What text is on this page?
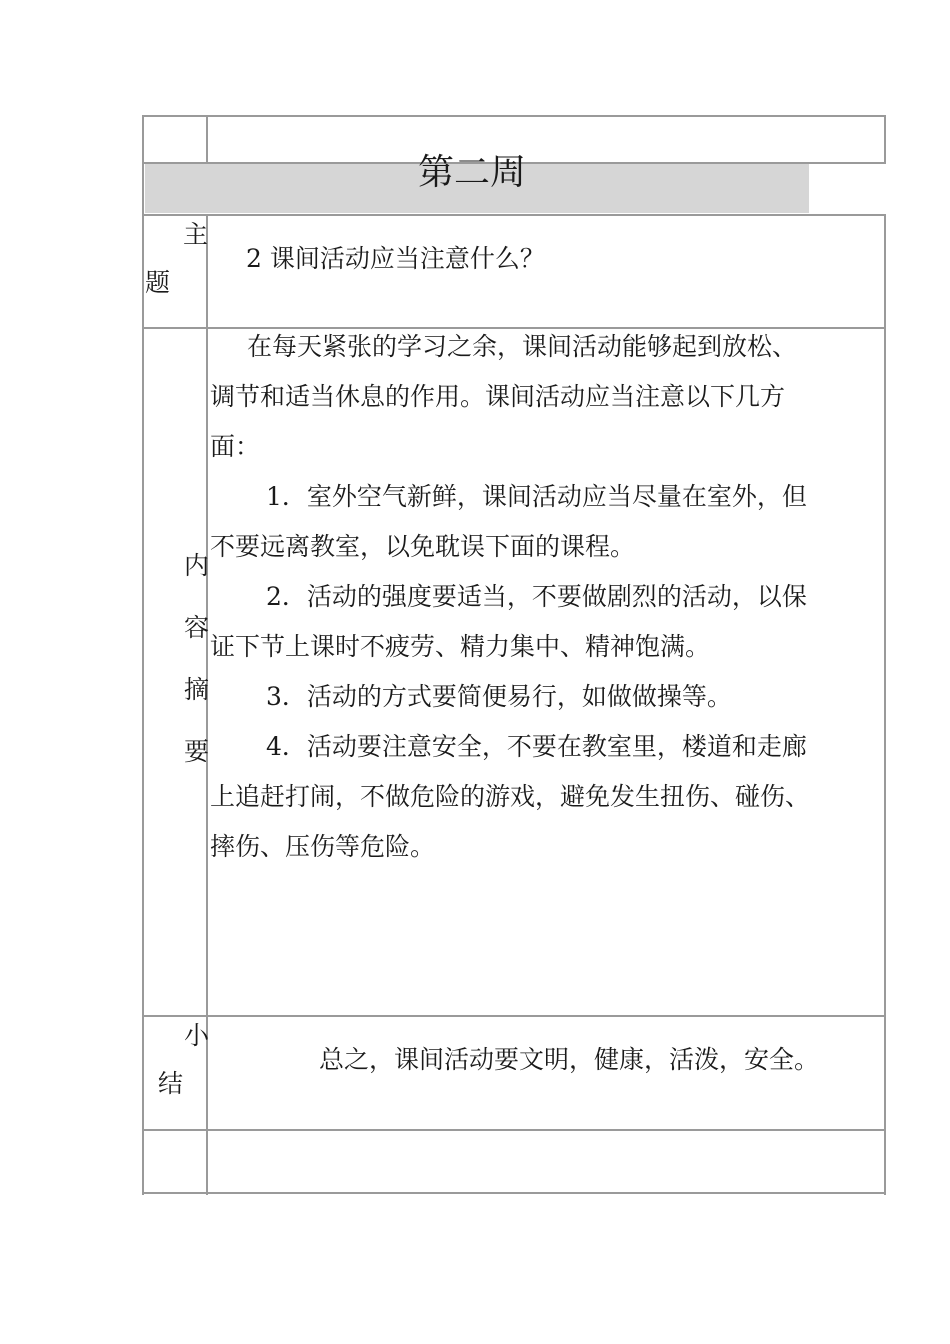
第二周
主
题
2 课间活动应当注意什么？
内
容
摘
要
在每天紧张的学习之余，课间活动能够起到放松、
调节和适当休息的作用。课间活动应当注意以下几方
面：
1．室外空气新鲜，课间活动应当尽量在室外，但
不要远离教室，以免耽误下面的课程。
2．活动的强度要适当，不要做剧烈的活动，以保
证下节上课时不疲劳、精力集中、精神饱满。
3．活动的方式要简便易行，如做做操等。
4．活动要注意安全，不要在教室里，楼道和走廊
上追赶打闹，不做危险的游戏，避免发生扭伤、碰伤、
摔伤、压伤等危险。
小
结
总之，课间活动要文明，健康，活泼，安全。
